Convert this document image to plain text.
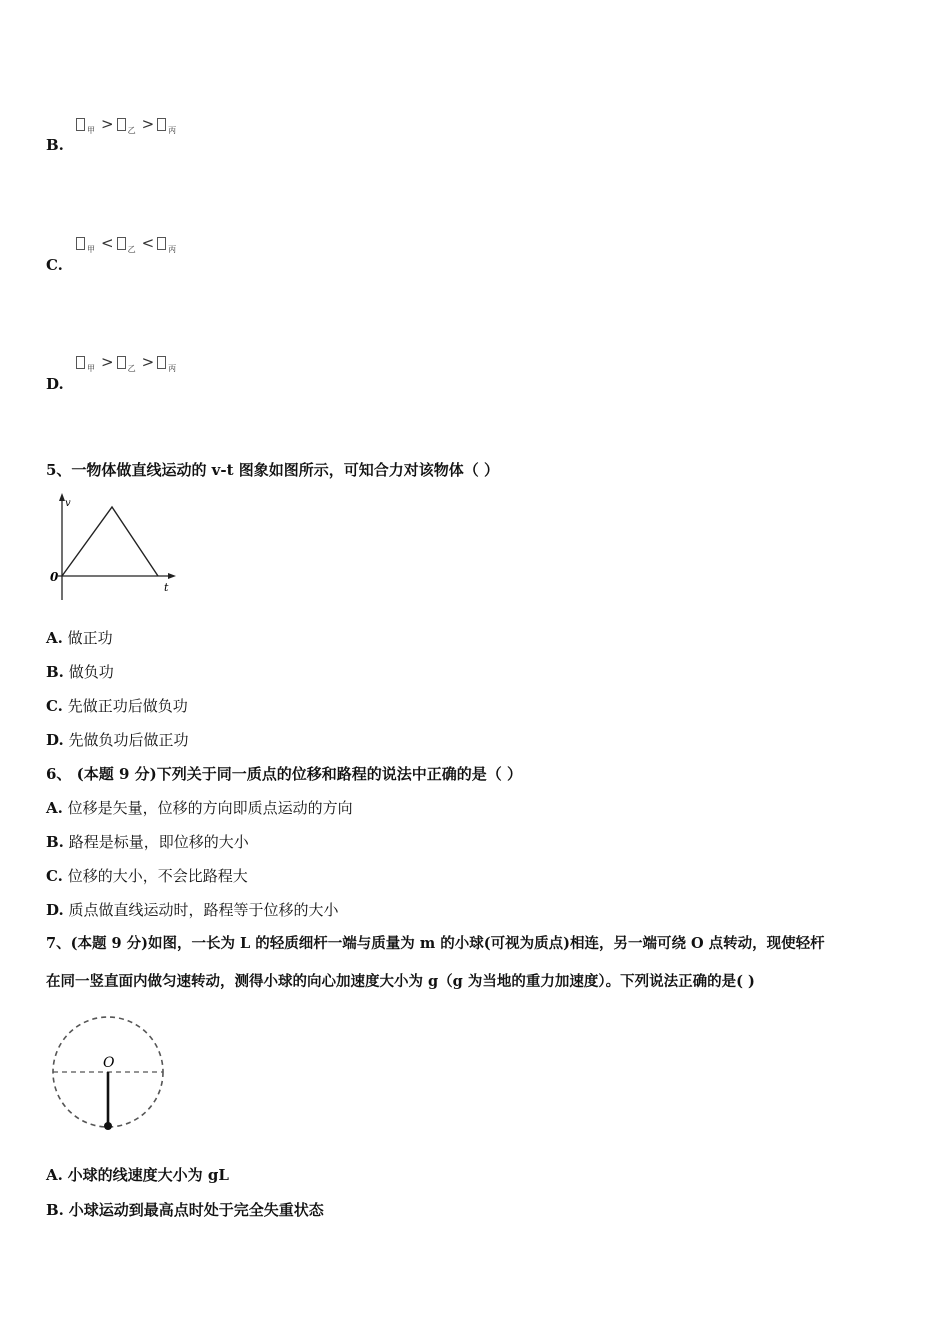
$_甲$ > $_乙$ > $_丙$
B.
$_甲$ < $_乙$ < $_丙$
C.
$_甲$ > $_乙$ > $_丙$
D.
5、一物体做直线运动的 v-t 图象如图所示，可知合力对该物体（ ）
v
0
t
A. 做正功
B. 做负功
C. 先做正功后做负功
D. 先做负功后做正功
6、 (本题 9 分)下列关于同一质点的位移和路程的说法中正确的是（ ）
A. 位移是矢量，位移的方向即质点运动的方向
B. 路程是标量，即位移的大小
C. 位移的大小，不会比路程大
D. 质点做直线运动时，路程等于位移的大小
7、(本题 9 分)如图，一长为 L 的轻质细杆一端与质量为 m 的小球(可视为质点)相连，另一端可绕 O 点转动，现使轻杆
在同一竖直面内做匀速转动，测得小球的向心加速度大小为 g（g 为当地的重力加速度）。下列说法正确的是( )
O
A. 小球的线速度大小为 gL
B. 小球运动到最高点时处于完全失重状态
